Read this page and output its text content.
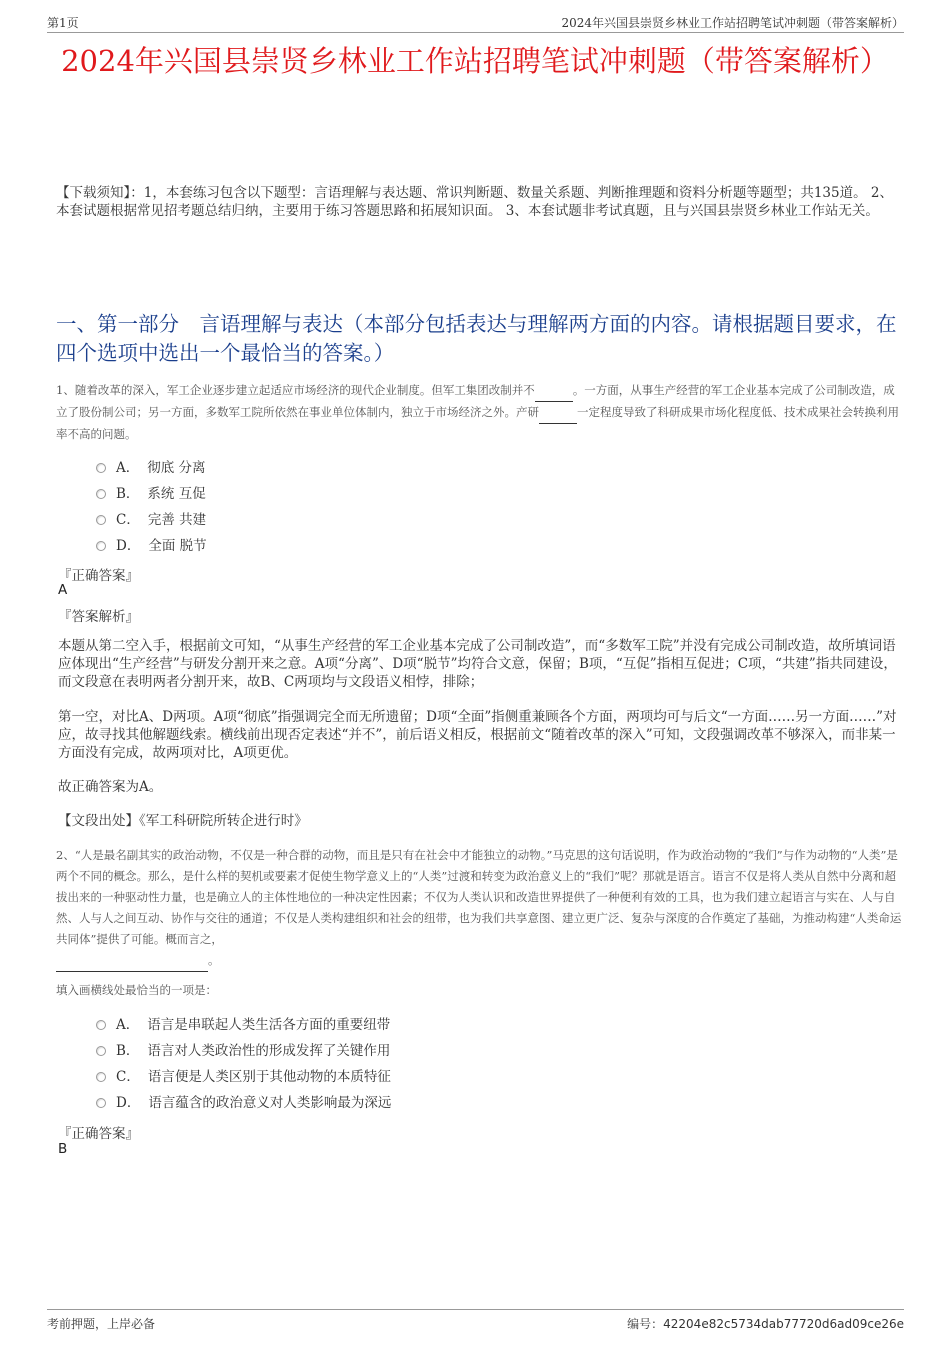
第1页	2024年兴国县崇贤乡林业工作站招聘笔试冲刺题（带答案解析）
2024年兴国县崇贤乡林业工作站招聘笔试冲刺题（带答案解析）
【下载须知】：1，本套练习包含以下题型：言语理解与表达题、常识判断题、数量关系题、判断推理题和资料分析题等题型；共135道。 2、本套试题根据常见招考题总结归纳，主要用于练习答题思路和拓展知识面。 3、本套试题非考试真题，且与兴国县崇贤乡林业工作站无关。
一、第一部分　言语理解与表达（本部分包括表达与理解两方面的内容。请根据题目要求，在四个选项中选出一个最恰当的答案。）
1、随着改革的深入，军工企业逐步建立起适应市场经济的现代企业制度。但军工集团改制并不	。一方面，从事生产经营的军工企业基本完成了公司制改造，成立了股份制公司；另一方面，多数军工院所依然在事业单位体制内，独立于市场经济之外。产研	一定程度导致了科研成果市场化程度低、技术成果社会转换利用率不高的问题。
A． 彻底 分离
B． 系统 互促
C． 完善 共建
D． 全面 脱节
『正确答案』
A
『答案解析』
本题从第二空入手，根据前文可知，“从事生产经营的军工企业基本完成了公司制改造”，而“多数军工院”并没有完成公司制改造，故所填词语应体现出“生产经营”与研发分割开来之意。A项“分离”、D项“脱节”均符合文意，保留；B项，“互促”指相互促进；C项，“共建”指共同建设，而文段意在表明两者分割开来，故B、C两项均与文段语义相悖，排除；
第一空，对比A、D两项。A项“彻底”指强调完全而无所遗留；D项“全面”指侧重兼顾各个方面，两项均可与后文“一方面……另一方面……”对应，故寻找其他解题线索。横线前出现否定表述“并不”，前后语义相反，根据前文“随着改革的深入”可知，文段强调改革不够深入，而非某一方面没有完成，故两项对比，A项更优。
故正确答案为A。
【文段出处】《军工科研院所转企进行时》
2、“人是最名副其实的政治动物，不仅是一种合群的动物，而且是只有在社会中才能独立的动物。”马克思的这句话说明，作为政治动物的“我们”与作为动物的“人类”是两个不同的概念。那么，是什么样的契机或要素才促使生物学意义上的“人类”过渡和转变为政治意义上的“我们”呢？那就是语言。语言不仅是将人类从自然中分离和超拔出来的一种驱动性力量，也是确立人的主体性地位的一种决定性因素；不仅为人类认识和改造世界提供了一种便利有效的工具，也为我们建立起语言与实在、人与自然、人与人之间互动、协作与交往的通道；不仅是人类构建组织和社会的纽带，也为我们共享意图、建立更广泛、复杂与深度的合作奠定了基础，为推动构建“人类命运共同体”提供了可能。概而言之，
。
填入画横线处最恰当的一项是：
A． 语言是串联起人类生活各方面的重要纽带
B． 语言对人类政治性的形成发挥了关键作用
C． 语言便是人类区别于其他动物的本质特征
D． 语言蕴含的政治意义对人类影响最为深远
『正确答案』
B
考前押题，上岸必备	编号：42204e82c5734dab77720d6ad09ce26e
